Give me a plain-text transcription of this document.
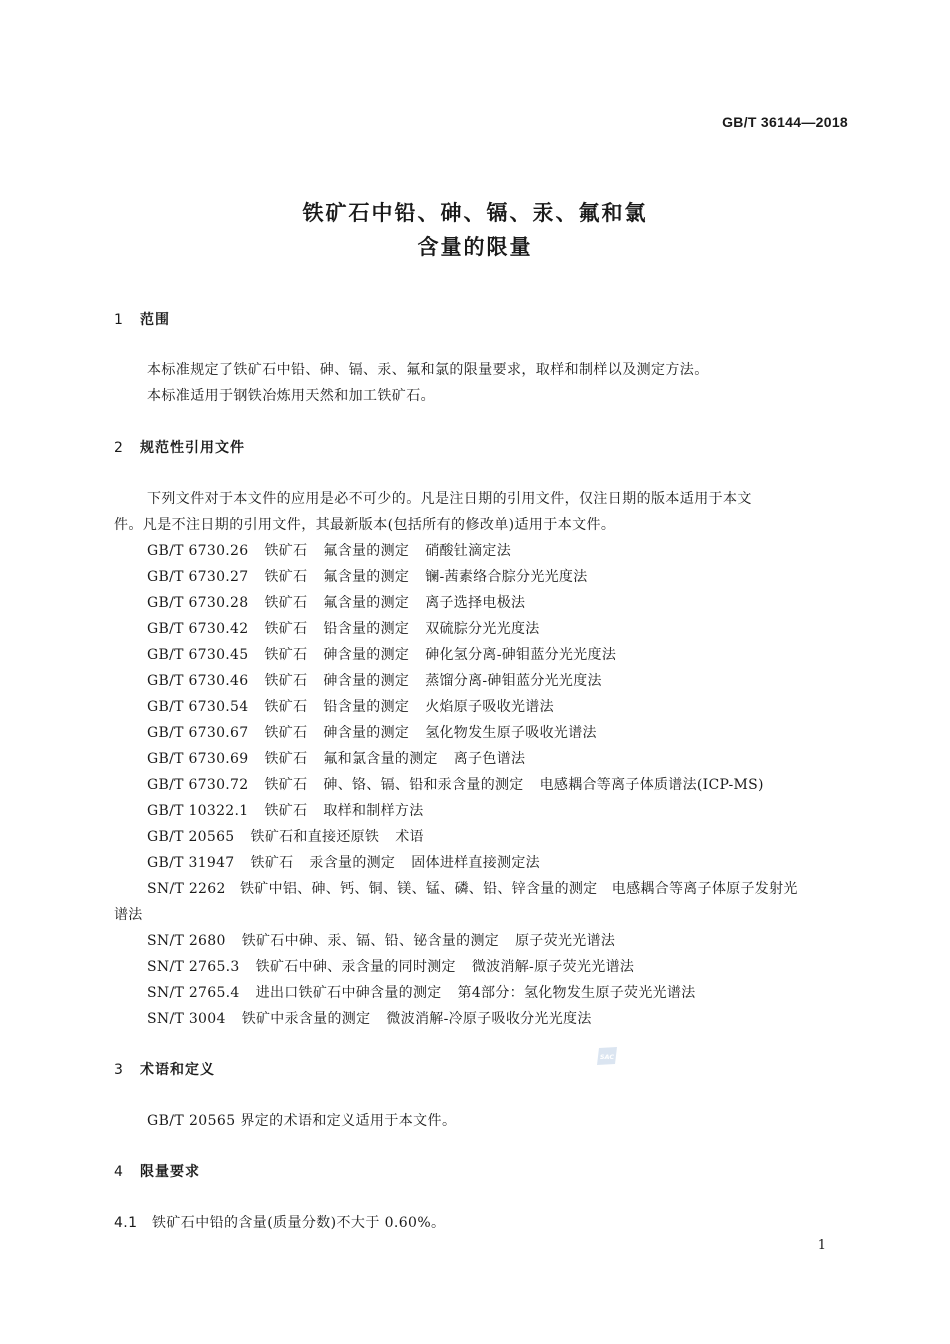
GB/T 36144—2018
铁矿石中铅、砷、镉、汞、氟和氯
含量的限量
1 范围
本标准规定了铁矿石中铅、砷、镉、汞、氟和氯的限量要求，取样和制样以及测定方法。
本标准适用于钢铁冶炼用天然和加工铁矿石。
2 规范性引用文件
下列文件对于本文件的应用是必不可少的。凡是注日期的引用文件，仅注日期的版本适用于本文
件。凡是不注日期的引用文件，其最新版本(包括所有的修改单)适用于本文件。
GB/T 6730.26 铁矿石 氟含量的测定 硝酸钍滴定法
GB/T 6730.27 铁矿石 氟含量的测定 镧-茜素络合腙分光光度法
GB/T 6730.28 铁矿石 氟含量的测定 离子选择电极法
GB/T 6730.42 铁矿石 铅含量的测定 双硫腙分光光度法
GB/T 6730.45 铁矿石 砷含量的测定 砷化氢分离-砷钼蓝分光光度法
GB/T 6730.46 铁矿石 砷含量的测定 蒸馏分离-砷钼蓝分光光度法
GB/T 6730.54 铁矿石 铅含量的测定 火焰原子吸收光谱法
GB/T 6730.67 铁矿石 砷含量的测定 氢化物发生原子吸收光谱法
GB/T 6730.69 铁矿石 氟和氯含量的测定 离子色谱法
GB/T 6730.72 铁矿石 砷、铬、镉、铅和汞含量的测定 电感耦合等离子体质谱法(ICP-MS)
GB/T 10322.1 铁矿石 取样和制样方法
GB/T 20565 铁矿石和直接还原铁 术语
GB/T 31947 铁矿石 汞含量的测定 固体进样直接测定法
SN/T 2262　铁矿中铝、砷、钙、铜、镁、锰、磷、铅、锌含量的测定　电感耦合等离子体原子发射光
谱法
SN/T 2680 铁矿石中砷、汞、镉、铅、铋含量的测定 原子荧光光谱法
SN/T 2765.3 铁矿石中砷、汞含量的同时测定 微波消解-原子荧光光谱法
SN/T 2765.4 进出口铁矿石中砷含量的测定 第4部分：氢化物发生原子荧光光谱法
SN/T 3004 铁矿中汞含量的测定 微波消解-冷原子吸收分光光度法
SAC
3 术语和定义
GB/T 20565 界定的术语和定义适用于本文件。
4 限量要求
4.1 铁矿石中铅的含量(质量分数)不大于 0.60%。
1
